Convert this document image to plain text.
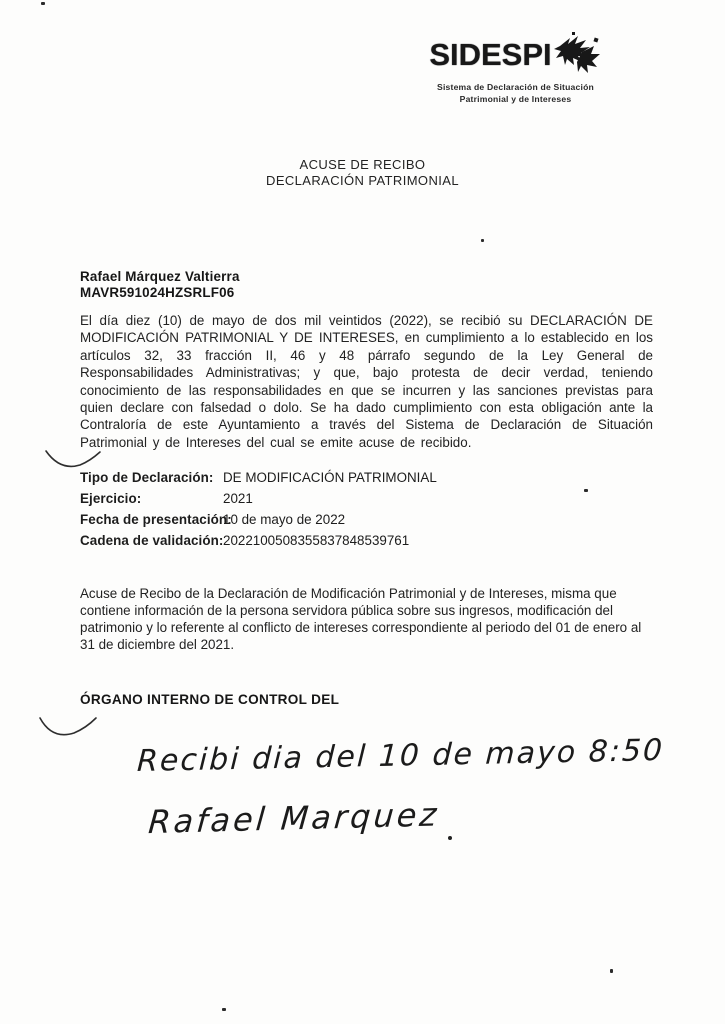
SIDESPI
Sistema de Declaración de Situación
Patrimonial y de Intereses
ACUSE DE RECIBO
DECLARACIÓN PATRIMONIAL
Rafael Márquez Valtierra
MAVR591024HZSRLF06
El día diez (10) de mayo de dos mil veintidos (2022), se recibió su DECLARACIÓN DE MODIFICACIÓN PATRIMONIAL Y DE INTERESES, en cumplimiento a lo establecido en los artículos 32, 33 fracción II, 46 y 48 párrafo segundo de la Ley General de Responsabilidades Administrativas; y que, bajo protesta de decir verdad, teniendo conocimiento de las responsabilidades en que se incurren y las sanciones previstas para quien declare con falsedad o dolo. Se ha dado cumplimiento con esta obligación ante la Contraloría de este Ayuntamiento a través del Sistema de Declaración de Situación Patrimonial y de Intereses del cual se emite acuse de recibido.
Tipo de Declaración: DE MODIFICACIÓN PATRIMONIAL
Ejercicio:	2021
Fecha de presentación:
10 de mayo de 2022
Cadena de validación: 2022100508355837848539761
Acuse de Recibo de la Declaración de Modificación Patrimonial y de Intereses, misma que contiene información de la persona servidora pública sobre sus ingresos, modificación del patrimonio y lo referente al conflicto de intereses correspondiente al periodo del 01 de enero al 31 de diciembre del 2021.
ÓRGANO INTERNO DE CONTROL DEL
Recibi dia del 10 de mayo 8:50
Rafael Marquez
